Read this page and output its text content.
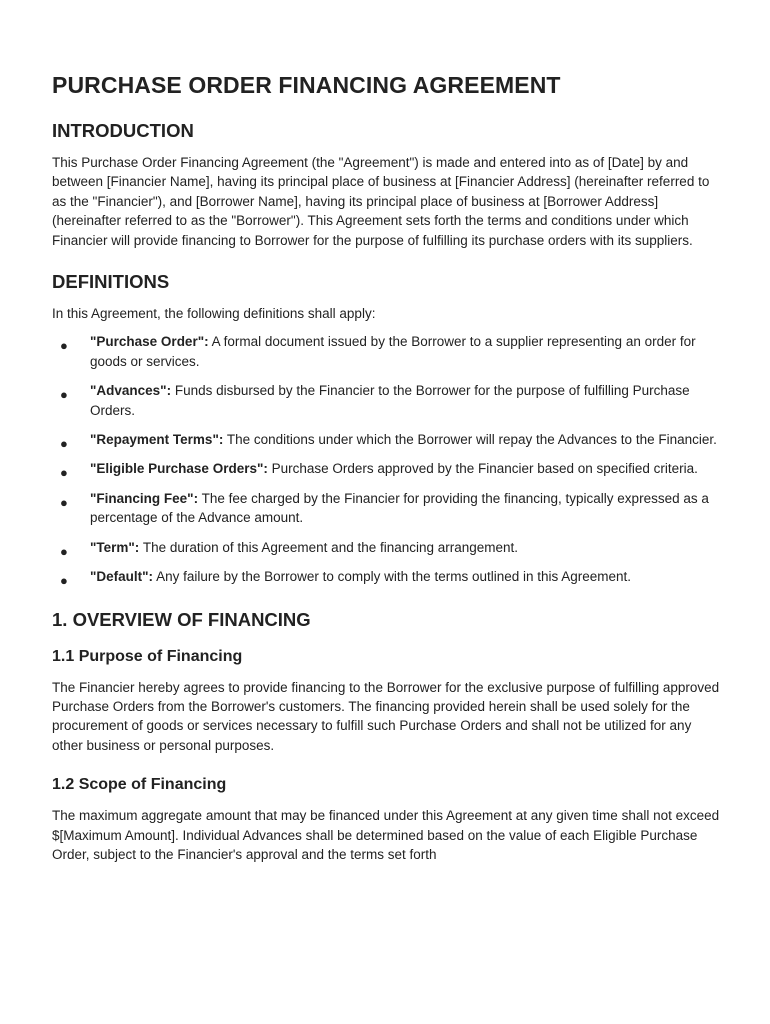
PURCHASE ORDER FINANCING AGREEMENT
INTRODUCTION

This Purchase Order Financing Agreement (the "Agreement") is made and entered into as of [Date] by and between [Financier Name], having its principal place of business at [Financier Address] (hereinafter referred to as the "Financier"), and [Borrower Name], having its principal place of business at [Borrower Address] (hereinafter referred to as the "Borrower"). This Agreement sets forth the terms and conditions under which Financier will provide financing to Borrower for the purpose of fulfilling its purchase orders with its suppliers.

DEFINITIONS

In this Agreement, the following definitions shall apply:

● "Purchase Order": A formal document issued by the Borrower to a supplier representing an order for goods or services.
● "Advances": Funds disbursed by the Financier to the Borrower for the purpose of fulfilling Purchase Orders.
● "Repayment Terms": The conditions under which the Borrower will repay the Advances to the Financier.
● "Eligible Purchase Orders": Purchase Orders approved by the Financier based on specified criteria.
● "Financing Fee": The fee charged by the Financier for providing the financing, typically expressed as a percentage of the Advance amount.
● "Term": The duration of this Agreement and the financing arrangement.
● "Default": Any failure by the Borrower to comply with the terms outlined in this Agreement.
1. OVERVIEW OF FINANCING
1.1 Purpose of Financing

The Financier hereby agrees to provide financing to the Borrower for the exclusive purpose of fulfilling approved Purchase Orders from the Borrower's customers. The financing provided herein shall be used solely for the procurement of goods or services necessary to fulfill such Purchase Orders and shall not be utilized for any other business or personal purposes.

1.2 Scope of Financing

The maximum aggregate amount that may be financed under this Agreement at any given time shall not exceed $[Maximum Amount]. Individual Advances shall be determined based on the value of each Eligible Purchase Order, subject to the Financier's approval and the terms set forth
